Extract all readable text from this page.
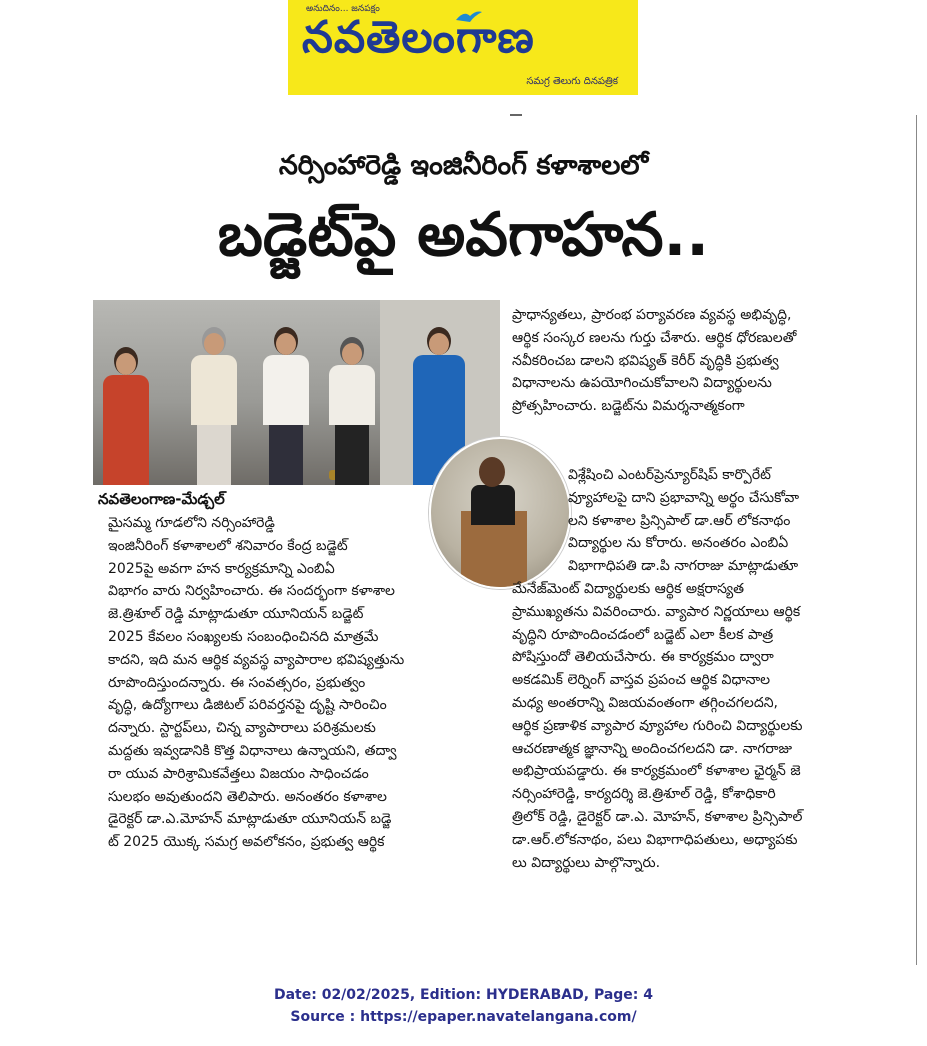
అనుదినం... జనపక్షం
నవతెలంగాణ
సమగ్ర తెలుగు దినపత్రిక
నర్సింహారెడ్డి ఇంజినీరింగ్ కళాశాలలో
బడ్జెట్‌పై అవగాహన..
నవతెలంగాణ-మేడ్చల్
మైసమ్మ గూడలోని నర్సింహారెడ్డి
ఇంజినీరింగ్ కళాశాలలో శనివారం కేంద్ర బడ్జెట్
2025పై అవగా హన కార్యక్రమాన్ని ఎంబిఏ
విభాగం వారు నిర్వహించారు. ఈ సందర్భంగా కళాశాల
జె.త్రిశూల్ రెడ్డి మాట్లాడుతూ యూనియన్ బడ్జెట్
2025 కేవలం సంఖ్యలకు సంబంధించినది మాత్రమే
కాదని, ఇది మన ఆర్థిక వ్యవస్థ వ్యాపారాల భవిష్యత్తును
రూపొందిస్తుందన్నారు. ఈ సంవత్సరం, ప్రభుత్వం
వృద్ధి, ఉద్యోగాలు డిజిటల్ పరివర్తనపై దృష్టి సారించిం
దన్నారు. స్టార్టప్‌లు, చిన్న వ్యాపారాలు పరిశ్రమలకు
మద్దతు ఇవ్వడానికి కొత్త విధానాలు ఉన్నాయని, తద్వా
రా యువ పారిశ్రామికవేత్తలు విజయం సాధించడం
సులభం అవుతుందని తెలిపారు. అనంతరం కళాశాల
డైరెక్టర్ డా.ఎ.మోహన్ మాట్లాడుతూ యూనియన్ బడ్జె
ట్ 2025 యొక్క సమగ్ర అవలోకనం, ప్రభుత్వ ఆర్థిక
ప్రాధాన్యతలు, ప్రారంభ పర్యావరణ వ్యవస్థ అభివృద్ధి,
ఆర్థిక సంస్కర ణలను గుర్తు చేశారు. ఆర్థిక ధోరణులతో
నవీకరించబ డాలని భవిష్యత్ కెరీర్ వృద్ధికి ప్రభుత్వ
విధానాలను ఉపయోగించుకోవాలని విద్యార్థులను
ప్రోత్సహించారు. బడ్జెట్‌ను విమర్శనాత్మకంగా
విశ్లేషించి ఎంటర్‌ప్రెన్యూర్‌షిప్ కార్పొరేట్
వ్యూహాలపై దాని ప్రభావాన్ని అర్థం చేసుకోవా
లని కళాశాల ప్రిన్సిపాల్ డా.ఆర్ లోకనాథం
విద్యార్థుల ను కోరారు. అనంతరం ఎంబిఏ
విభాగాధిపతి డా.పి నాగరాజు మాట్లాడుతూ
మేనేజ్‌మెంట్ విద్యార్థులకు ఆర్థిక అక్షరాస్యత
ప్రాముఖ్యతను వివరించారు. వ్యాపార నిర్ణయాలు ఆర్థిక
వృద్ధిని రూపొందించడంలో బడ్జెట్ ఎలా కీలక పాత్ర
పోషిస్తుందో తెలియచేసారు. ఈ కార్యక్రమం ద్వారా
అకడమిక్ లెర్నింగ్ వాస్తవ ప్రపంచ ఆర్థిక విధానాల
మధ్య అంతరాన్ని విజయవంతంగా తగ్గించగలదని,
ఆర్థిక ప్రణాళిక వ్యాపార వ్యూహాల గురించి విద్యార్థులకు
ఆచరణాత్మక జ్ఞానాన్ని అందించగలదని డా. నాగరాజు
అభిప్రాయపడ్డారు. ఈ కార్యక్రమంలో కళాశాల ఛైర్మన్ జె
నర్సింహారెడ్డి, కార్యదర్శి జె.త్రిశూల్ రెడ్డి, కోశాధికారి
త్రిలోక్ రెడ్డి, డైరెక్టర్ డా.ఎ. మోహన్, కళాశాల ప్రిన్సిపాల్
డా.ఆర్.లోకనాథం, పలు విభాగాధిపతులు, అధ్యాపకు
లు విద్యార్థులు పాల్గొన్నారు.
Date: 02/02/2025, Edition: HYDERABAD, Page: 4
Source : https://epaper.navatelangana.com/
